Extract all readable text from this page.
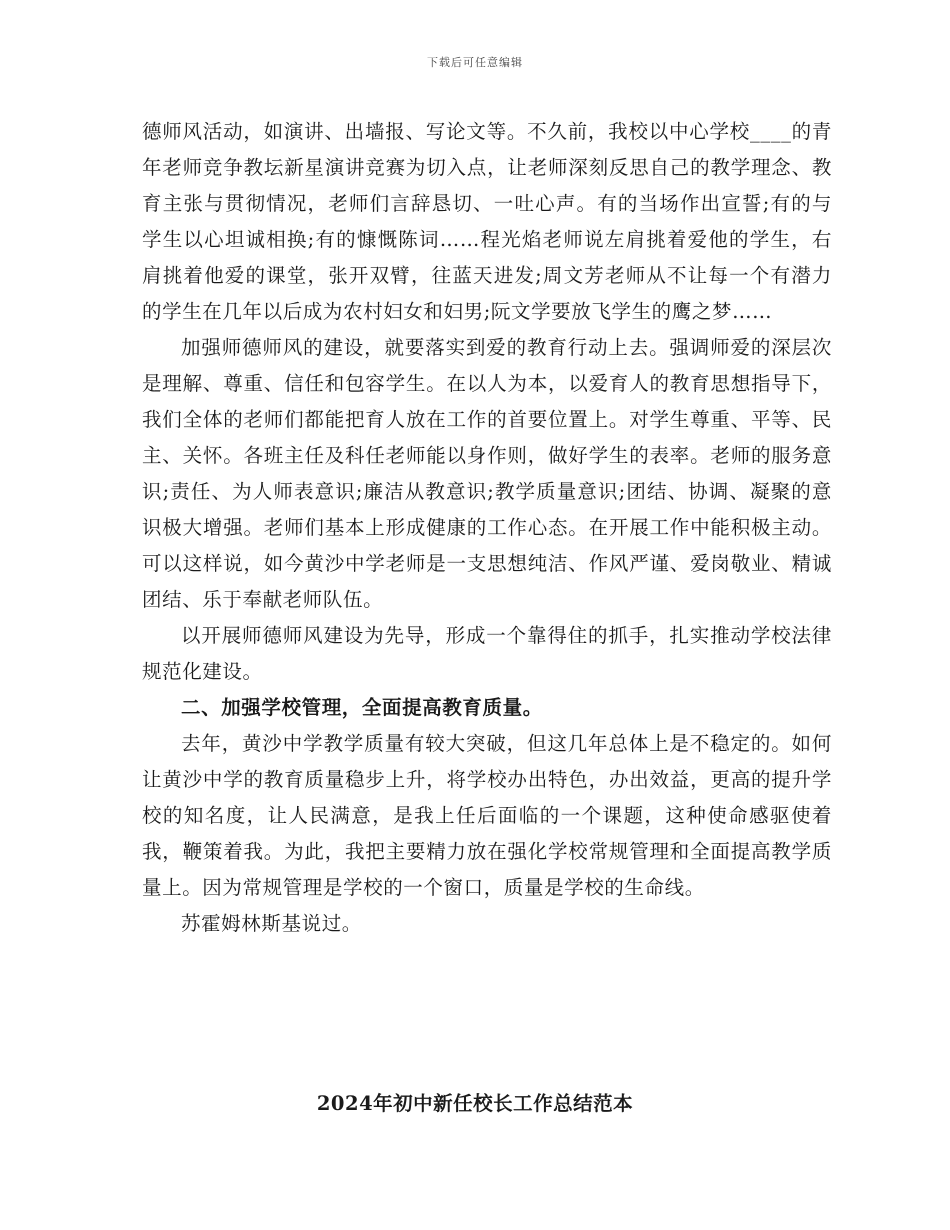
下载后可任意编辑

德师风活动，如演讲、出墙报、写论文等。不久前，我校以中心学校____的青年老师竞争教坛新星演讲竞赛为切入点，让老师深刻反思自己的教学理念、教育主张与贯彻情况，老师们言辞恳切、一吐心声。有的当场作出宣誓;有的与学生以心坦诚相换;有的慷慨陈词……程光焰老师说左肩挑着爱他的学生，右肩挑着他爱的课堂，张开双臂，往蓝天进发;周文芳老师从不让每一个有潜力的学生在几年以后成为农村妇女和妇男;阮文学要放飞学生的鹰之梦……

加强师德师风的建设，就要落实到爱的教育行动上去。强调师爱的深层次是理解、尊重、信任和包容学生。在以人为本，以爱育人的教育思想指导下，我们全体的老师们都能把育人放在工作的首要位置上。对学生尊重、平等、民主、关怀。各班主任及科任老师能以身作则，做好学生的表率。老师的服务意识;责任、为人师表意识;廉洁从教意识;教学质量意识;团结、协调、凝聚的意识极大增强。老师们基本上形成健康的工作心态。在开展工作中能积极主动。可以这样说，如今黄沙中学老师是一支思想纯洁、作风严谨、爱岗敬业、精诚团结、乐于奉献老师队伍。

以开展师德师风建设为先导，形成一个靠得住的抓手，扎实推动学校法律规范化建设。

二、加强学校管理，全面提高教育质量。

去年，黄沙中学教学质量有较大突破，但这几年总体上是不稳定的。如何让黄沙中学的教育质量稳步上升，将学校办出特色，办出效益，更高的提升学校的知名度，让人民满意，是我上任后面临的一个课题，这种使命感驱使着我，鞭策着我。为此，我把主要精力放在强化学校常规管理和全面提高教学质量上。因为常规管理是学校的一个窗口，质量是学校的生命线。

苏霍姆林斯基说过。

2024年初中新任校长工作总结范本
